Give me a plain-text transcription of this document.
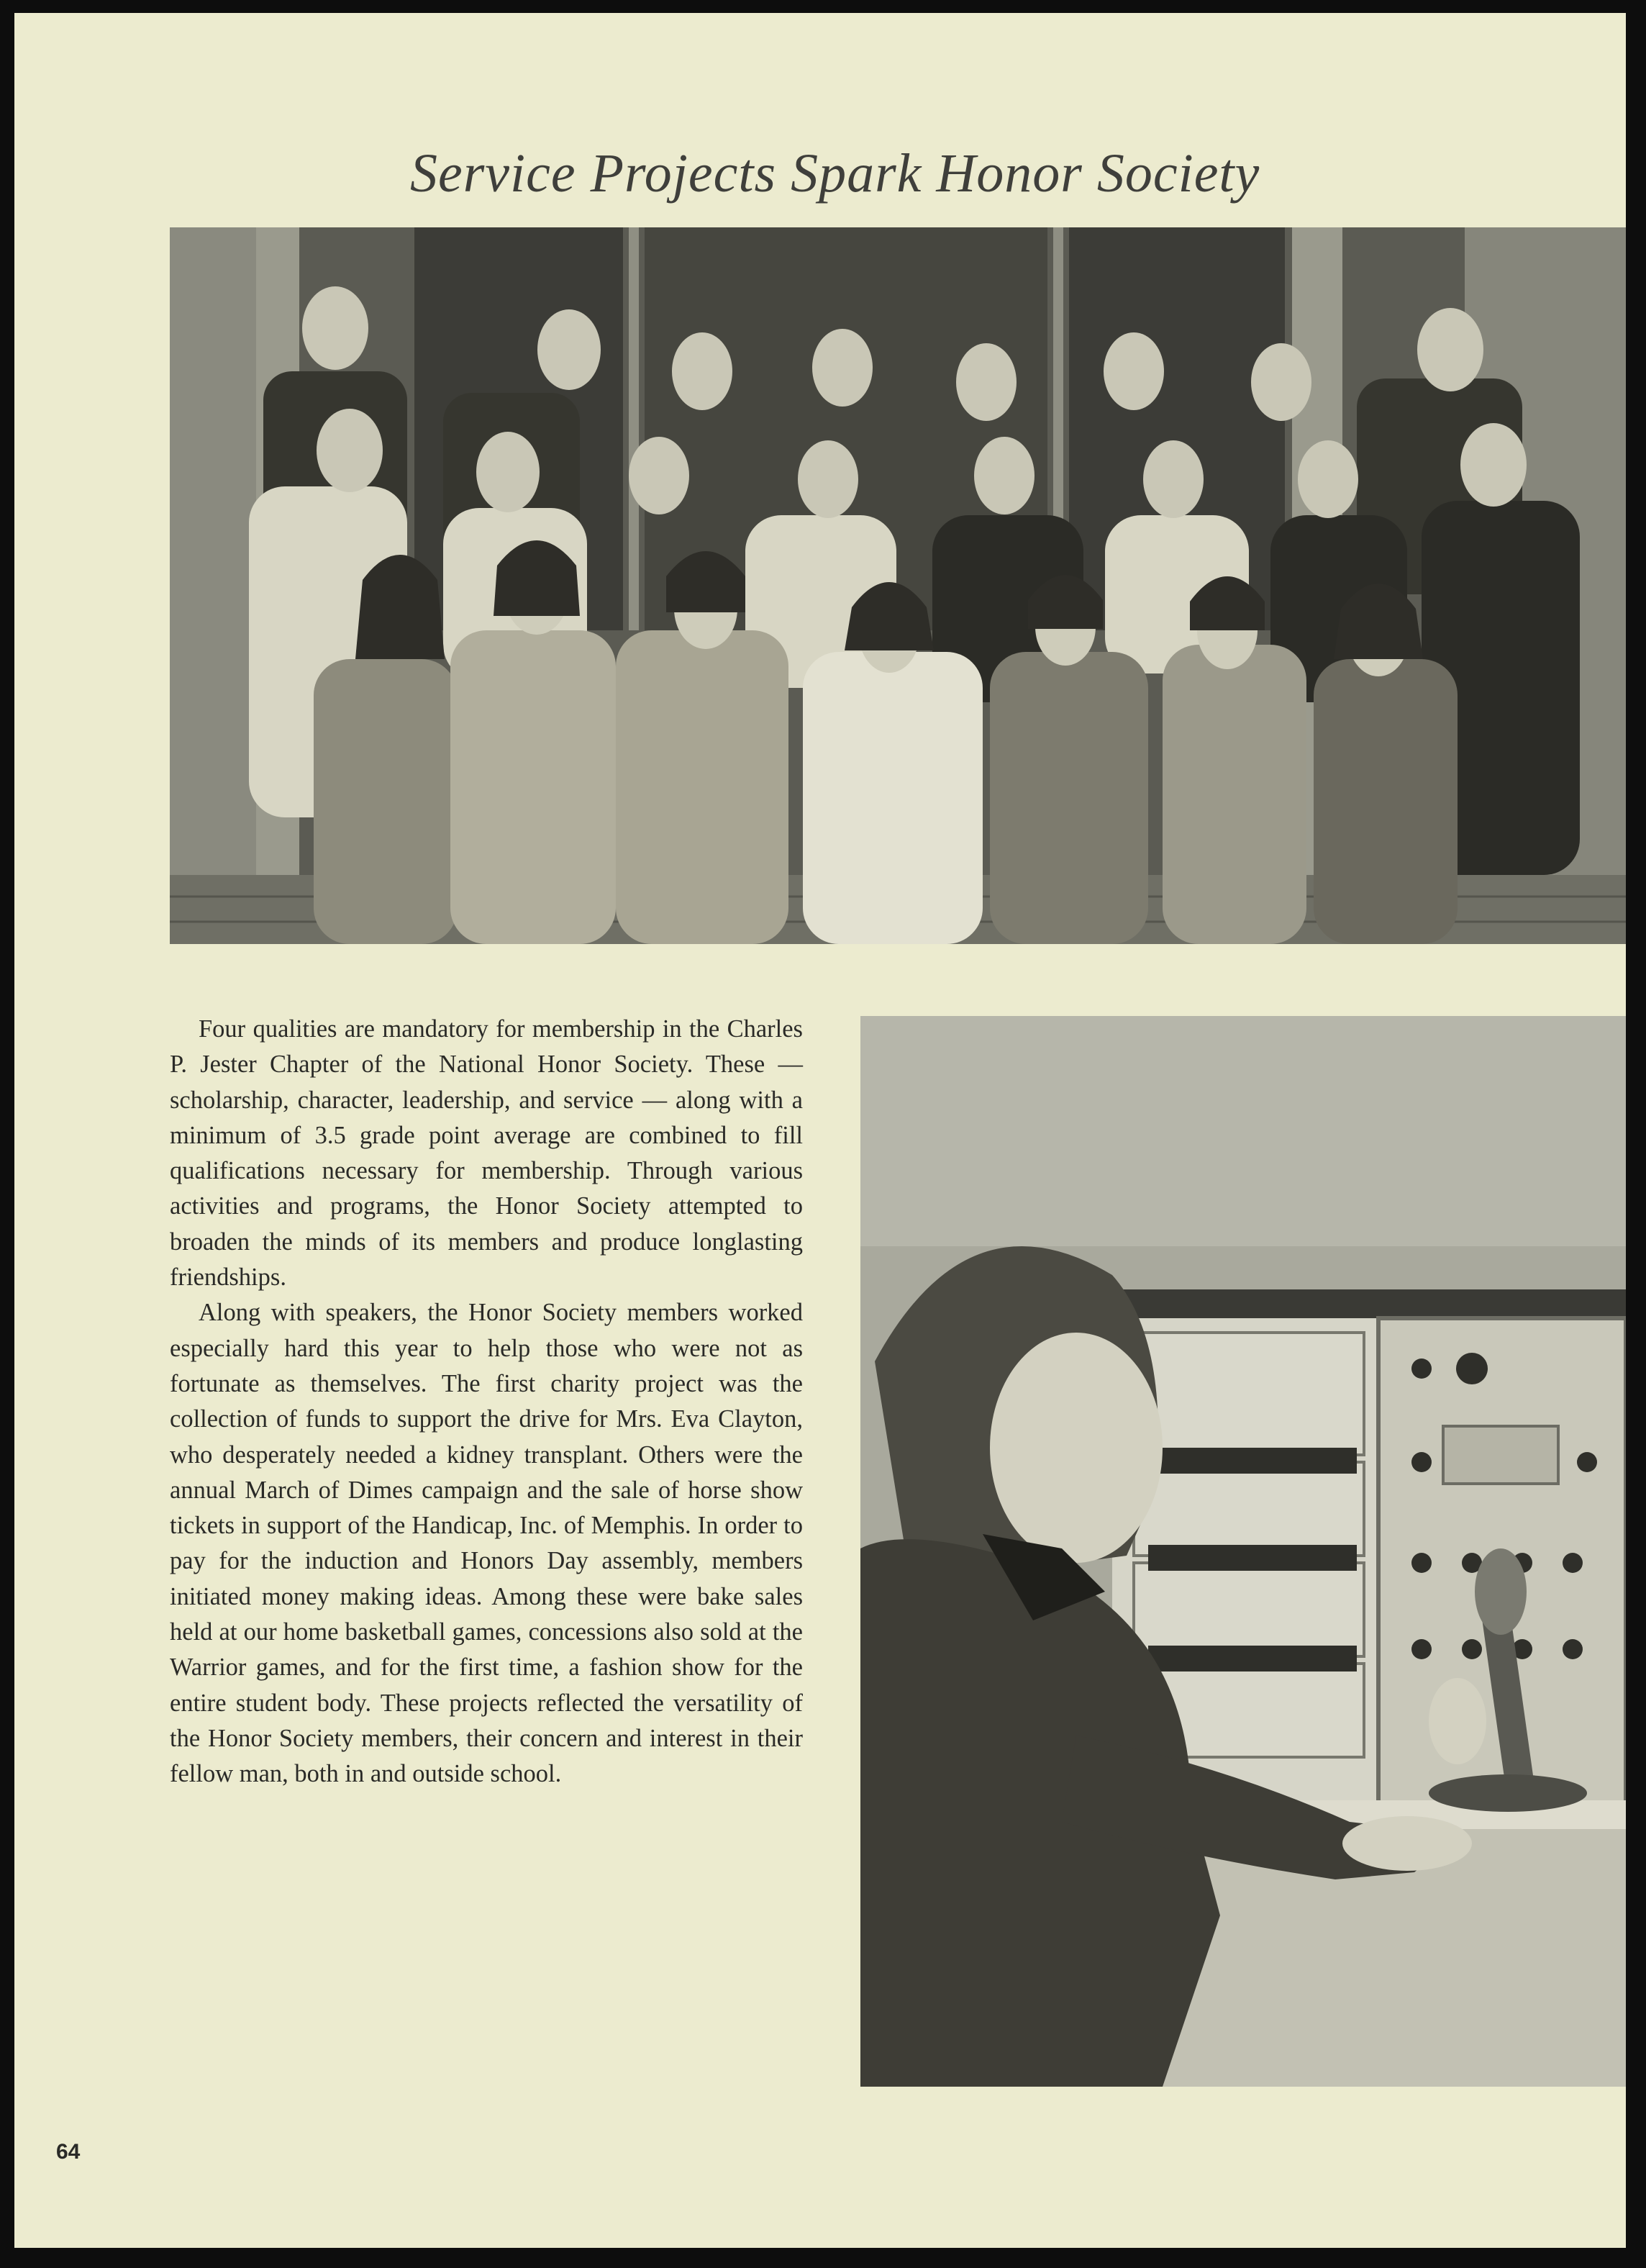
Service Projects Spark Honor Society

Four qualities are mandatory for membership in the Charles P. Jester Chapter of the National Honor Society. These — scholarship, character, leadership, and service — along with a minimum of 3.5 grade point average are combined to fill qualifications necessary for membership. Through various activities and programs, the Honor Society attempted to broaden the minds of its members and produce longlasting friendships.

Along with speakers, the Honor Society members worked especially hard this year to help those who were not as fortunate as themselves. The first charity project was the collection of funds to support the drive for Mrs. Eva Clayton, who desperately needed a kidney transplant. Others were the annual March of Dimes campaign and the sale of horse show tickets in support of the Handicap, Inc. of Memphis. In order to pay for the induction and Honors Day assembly, members initiated money making ideas. Among these were bake sales held at our home basketball games, concessions also sold at the Warrior games, and for the first time, a fashion show for the entire student body. These projects reflected the versatility of the Honor Society members, their concern and interest in their fellow man, both in and outside school.

64
